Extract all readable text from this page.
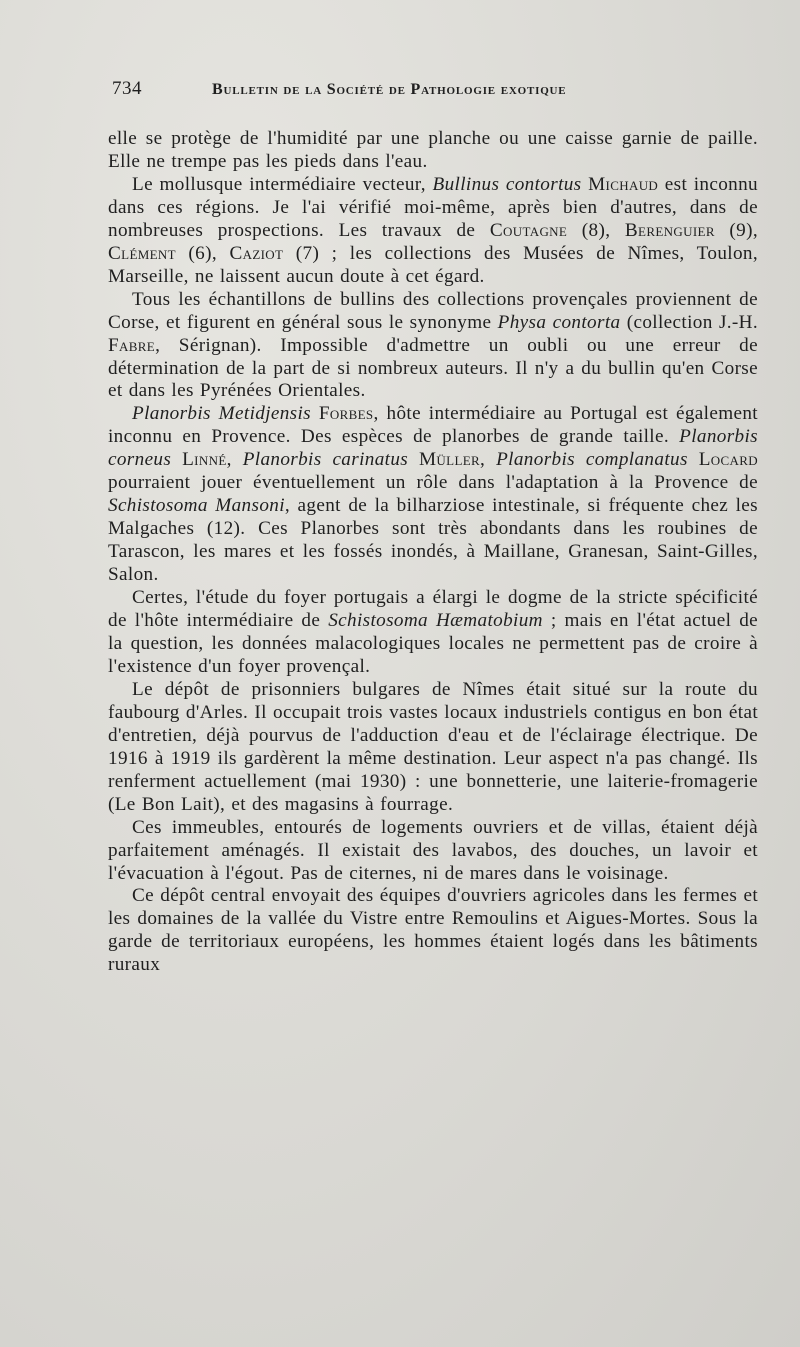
734	Bulletin de la Société de Pathologie exotique

elle se protège de l'humidité par une planche ou une caisse garnie de paille. Elle ne trempe pas les pieds dans l'eau.

Le mollusque intermédiaire vecteur, Bullinus contortus Michaud est inconnu dans ces régions. Je l'ai vérifié moi-même, après bien d'autres, dans de nombreuses prospections. Les travaux de Coutagne (8), Berenguier (9), Clément (6), Caziot (7) ; les collections des Musées de Nîmes, Toulon, Marseille, ne laissent aucun doute à cet égard.

Tous les échantillons de bullins des collections provençales proviennent de Corse, et figurent en général sous le synonyme Physa contorta (collection J.-H. Fabre, Sérignan). Impossible d'admettre un oubli ou une erreur de détermination de la part de si nombreux auteurs. Il n'y a du bullin qu'en Corse et dans les Pyrénées Orientales.

Planorbis Metidjensis Forbes, hôte intermédiaire au Portugal est également inconnu en Provence. Des espèces de planorbes de grande taille. Planorbis corneus Linné, Planorbis carinatus Müller, Planorbis complanatus Locard pourraient jouer éventuellement un rôle dans l'adaptation à la Provence de Schistosoma Mansoni, agent de la bilharziose intestinale, si fréquente chez les Malgaches (12). Ces Planorbes sont très abondants dans les roubines de Tarascon, les mares et les fossés inondés, à Maillane, Granesan, Saint-Gilles, Salon.

Certes, l'étude du foyer portugais a élargi le dogme de la stricte spécificité de l'hôte intermédiaire de Schistosoma Hæmatobium ; mais en l'état actuel de la question, les données malacologiques locales ne permettent pas de croire à l'existence d'un foyer provençal.

Le dépôt de prisonniers bulgares de Nîmes était situé sur la route du faubourg d'Arles. Il occupait trois vastes locaux industriels contigus en bon état d'entretien, déjà pourvus de l'adduction d'eau et de l'éclairage électrique. De 1916 à 1919 ils gardèrent la même destination. Leur aspect n'a pas changé. Ils renferment actuellement (mai 1930) : une bonnetterie, une laiterie-fromagerie (Le Bon Lait), et des magasins à fourrage.

Ces immeubles, entourés de logements ouvriers et de villas, étaient déjà parfaitement aménagés. Il existait des lavabos, des douches, un lavoir et l'évacuation à l'égout. Pas de citernes, ni de mares dans le voisinage.

Ce dépôt central envoyait des équipes d'ouvriers agricoles dans les fermes et les domaines de la vallée du Vistre entre Remoulins et Aigues-Mortes. Sous la garde de territoriaux européens, les hommes étaient logés dans les bâtiments ruraux
